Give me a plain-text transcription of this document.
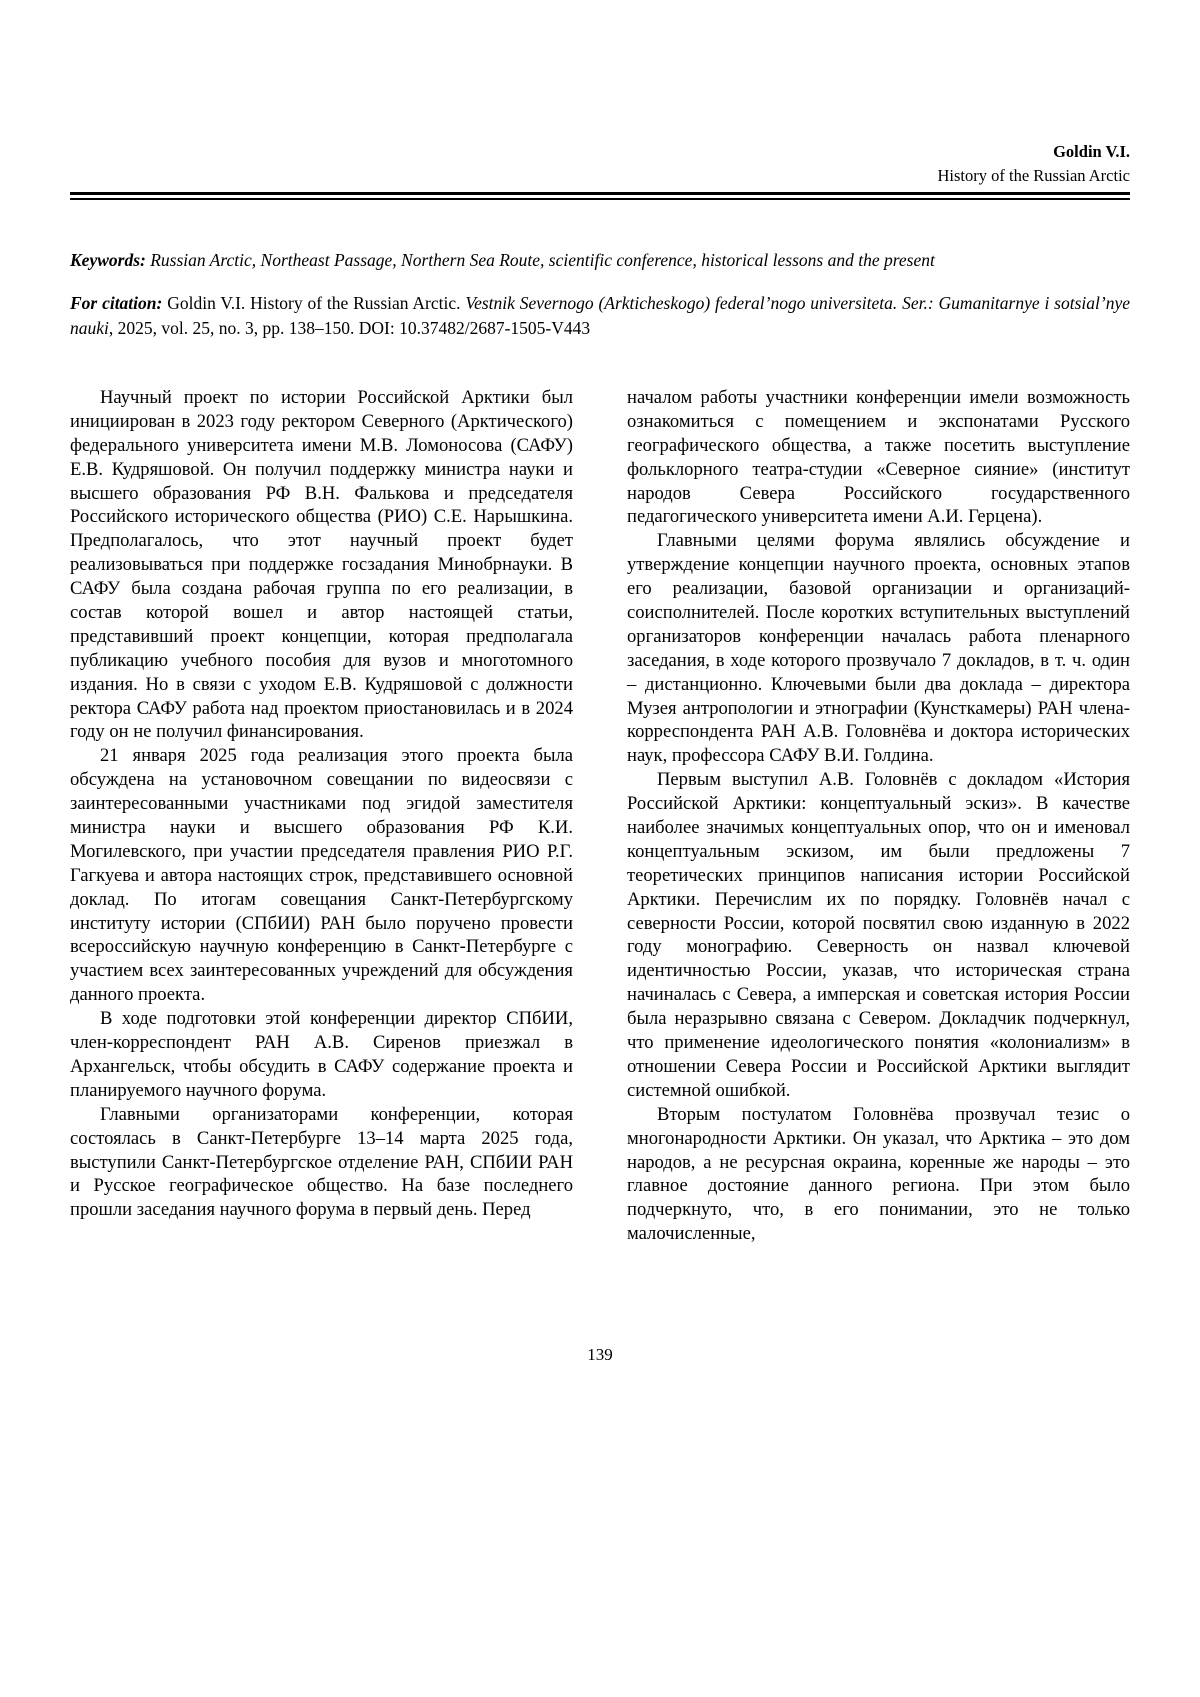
Goldin V.I.
History of the Russian Arctic

Keywords: Russian Arctic, Northeast Passage, Northern Sea Route, scientific conference, historical lessons and the present

For citation: Goldin V.I. History of the Russian Arctic. Vestnik Severnogo (Arkticheskogo) federal’nogo universiteta. Ser.: Gumanitarnye i sotsial’nye nauki, 2025, vol. 25, no. 3, pp. 138–150. DOI: 10.37482/2687-1505-V443

Научный проект по истории Российской Арктики был инициирован в 2023 году ректором Северного (Арктического) федерального университета имени М.В. Ломоносова (САФУ) Е.В. Кудряшовой. Он получил поддержку министра науки и высшего образования РФ В.Н. Фалькова и председателя Российского исторического общества (РИО) С.Е. Нарышкина. Предполагалось, что этот научный проект будет реализовываться при поддержке госзадания Минобрнауки. В САФУ была создана рабочая группа по его реализации, в состав которой вошел и автор настоящей статьи, представивший проект концепции, которая предполагала публикацию учебного пособия для вузов и многотомного издания. Но в связи с уходом Е.В. Кудряшовой с должности ректора САФУ работа над проектом приостановилась и в 2024 году он не получил финансирования.

21 января 2025 года реализация этого проекта была обсуждена на установочном совещании по видеосвязи с заинтересованными участниками под эгидой заместителя министра науки и высшего образования РФ К.И. Могилевского, при участии председателя правления РИО Р.Г. Гагкуева и автора настоящих строк, представившего основной доклад. По итогам совещания Санкт-Петербургскому институту истории (СПбИИ) РАН было поручено провести всероссийскую научную конференцию в Санкт-Петербурге с участием всех заинтересованных учреждений для обсуждения данного проекта.

В ходе подготовки этой конференции директор СПбИИ, член-корреспондент РАН А.В. Сиренов приезжал в Архангельск, чтобы обсудить в САФУ содержание проекта и планируемого научного форума.

Главными организаторами конференции, которая состоялась в Санкт-Петербурге 13–14 марта 2025 года, выступили Санкт-Петербургское отделение РАН, СПбИИ РАН и Русское географическое общество. На базе последнего прошли заседания научного форума в первый день. Перед

началом работы участники конференции имели возможность ознакомиться с помещением и экспонатами Русского географического общества, а также посетить выступление фольклорного театра-студии «Северное сияние» (институт народов Севера Российского государственного педагогического университета имени А.И. Герцена).

Главными целями форума являлись обсуждение и утверждение концепции научного проекта, основных этапов его реализации, базовой организации и организаций-соисполнителей. После коротких вступительных выступлений организаторов конференции началась работа пленарного заседания, в ходе которого прозвучало 7 докладов, в т. ч. один – дистанционно. Ключевыми были два доклада – директора Музея антропологии и этнографии (Кунсткамеры) РАН члена-корреспондента РАН А.В. Головнёва и доктора исторических наук, профессора САФУ В.И. Голдина.

Первым выступил А.В. Головнёв с докладом «История Российской Арктики: концептуальный эскиз». В качестве наиболее значимых концептуальных опор, что он и именовал концептуальным эскизом, им были предложены 7 теоретических принципов написания истории Российской Арктики. Перечислим их по порядку. Головнёв начал с северности России, которой посвятил свою изданную в 2022 году монографию. Северность он назвал ключевой идентичностью России, указав, что историческая страна начиналась с Севера, а имперская и советская история России была неразрывно связана с Севером. Докладчик подчеркнул, что применение идеологического понятия «колониализм» в отношении Севера России и Российской Арктики выглядит системной ошибкой.

Вторым постулатом Головнёва прозвучал тезис о многонародности Арктики. Он указал, что Арктика – это дом народов, а не ресурсная окраина, коренные же народы – это главное достояние данного региона. При этом было подчеркнуто, что, в его понимании, это не только малочисленные,

139
